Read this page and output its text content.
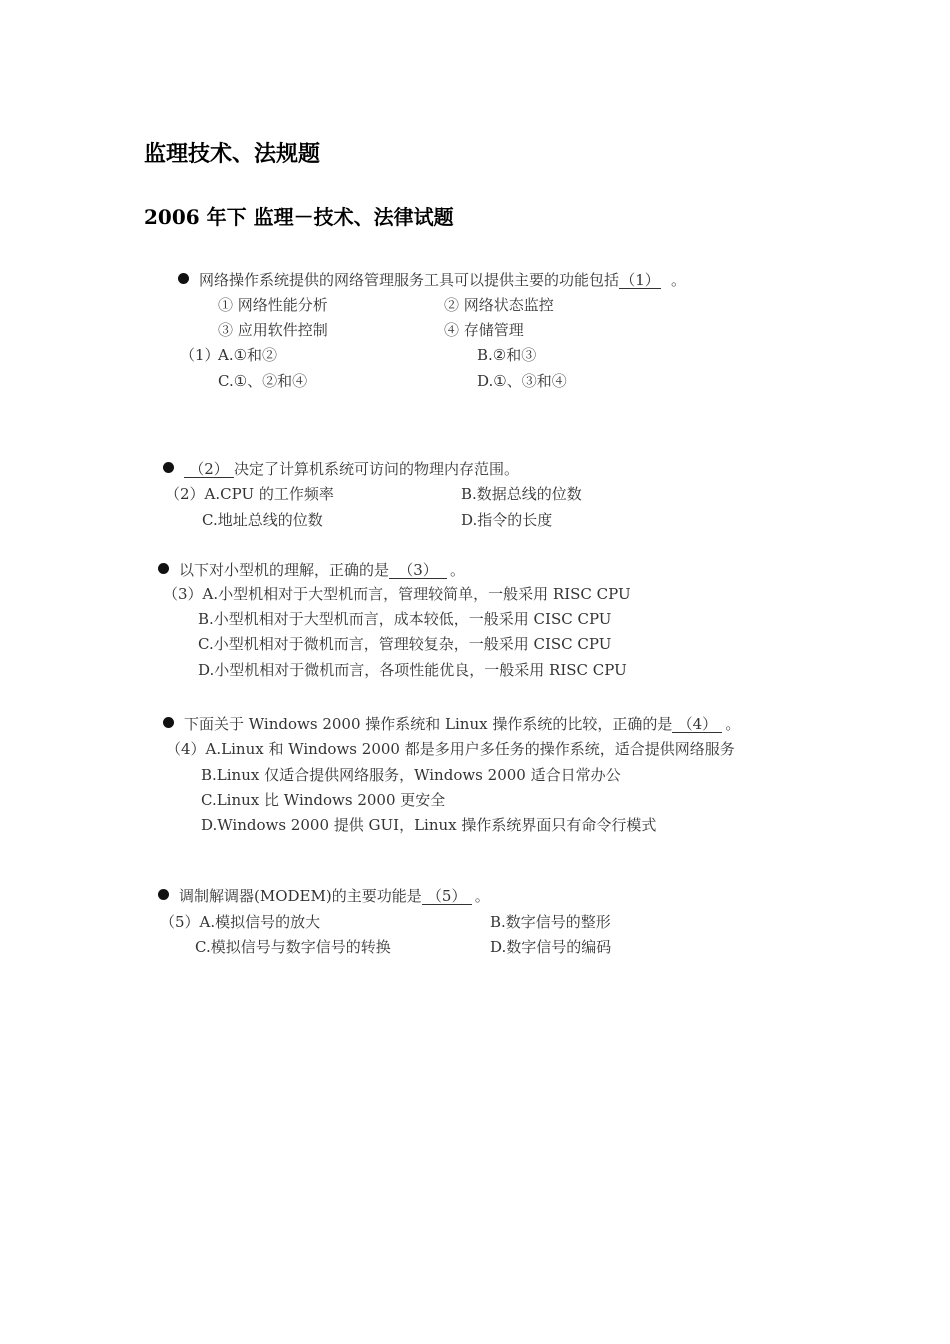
监理技术、法规题
2006 年下 监理－技术、法律试题
网络操作系统提供的网络管理服务工具可以提供主要的功能包括（1） 。
① 网络性能分析	② 网络状态监控
③ 应用软件控制	④ 存储管理
（1）
A.①和②	B.②和③
C.①、②和④	D.①、③和④
（2） 决定了计算机系统可访问的物理内存范围。
（2）A.CPU 的工作频率	B.数据总线的位数
C.地址总线的位数	D.指令的长度
以下对小型机的理解，正确的是 （3） 。
（3）A.小型机相对于大型机而言，管理较简单，一般采用 RISC CPU
B.小型机相对于大型机而言，成本较低，一般采用 CISC CPU
C.小型机相对于微机而言，管理较复杂，一般采用 CISC CPU
D.小型机相对于微机而言，各项性能优良，一般采用 RISC CPU
下面关于 Windows 2000 操作系统和 Linux 操作系统的比较，正确的是 （4） 。
（4）A.Linux 和 Windows 2000 都是多用户多任务的操作系统，适合提供网络服务
B.Linux 仅适合提供网络服务，Windows 2000 适合日常办公
C.Linux 比 Windows 2000 更安全
D.Windows 2000 提供 GUI，Linux 操作系统界面只有命令行模式
调制解调器(MODEM)的主要功能是 （5） 。
（5）A.模拟信号的放大	B.数字信号的整形
C.模拟信号与数字信号的转换	D.数字信号的编码
